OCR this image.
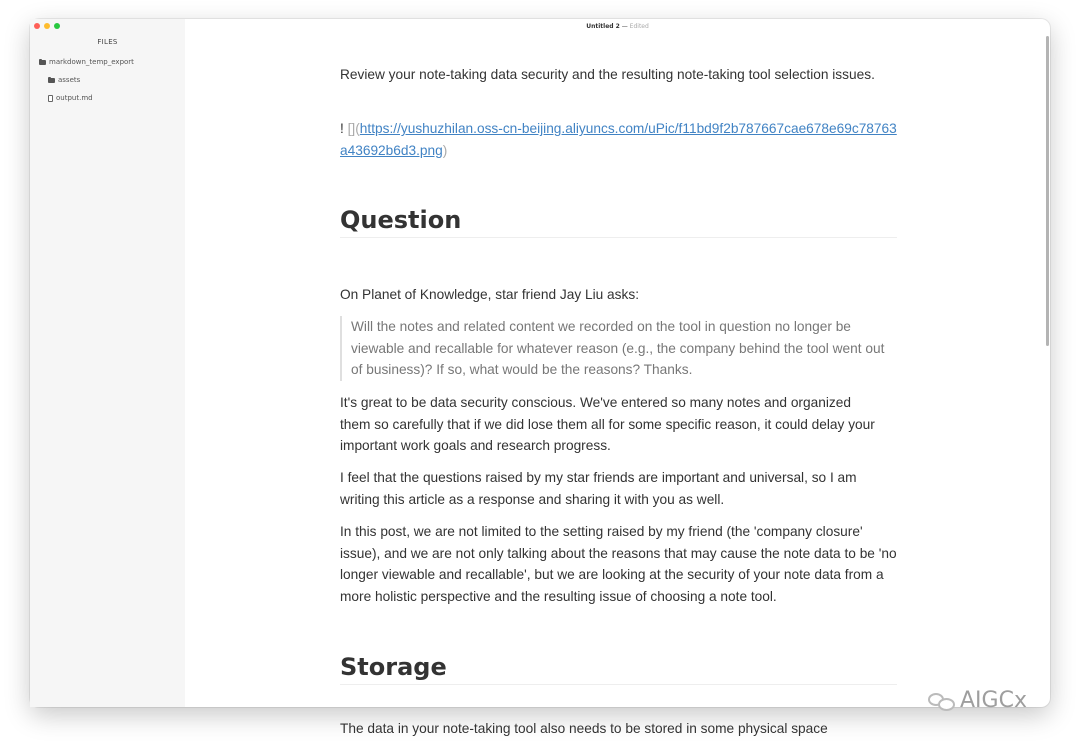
FILES
markdown_temp_export
assets
output.md
Untitled 2 — Edited

Review your note-taking data security and the resulting note-taking tool selection issues.

! [](https://yushuzhilan.oss-cn-beijing.aliyuncs.com/uPic/f11bd9f2b787667cae678e69c78763a43692b6d3.png)

Question

On Planet of Knowledge, star friend Jay Liu asks:

Will the notes and related content we recorded on the tool in question no longer be viewable and recallable for whatever reason (e.g., the company behind the tool went out of business)? If so, what would be the reasons? Thanks.

It's great to be data security conscious. We've entered so many notes and organized them so carefully that if we did lose them all for some specific reason, it could delay your important work goals and research progress.

I feel that the questions raised by my star friends are important and universal, so I am writing this article as a response and sharing it with you as well.

In this post, we are not limited to the setting raised by my friend (the 'company closure' issue), and we are not only talking about the reasons that may cause the note data to be 'no longer viewable and recallable', but we are looking at the security of your note data from a more holistic perspective and the resulting issue of choosing a note tool.

Storage

The data in your note-taking tool also needs to be stored in some physical space

AIGCx
